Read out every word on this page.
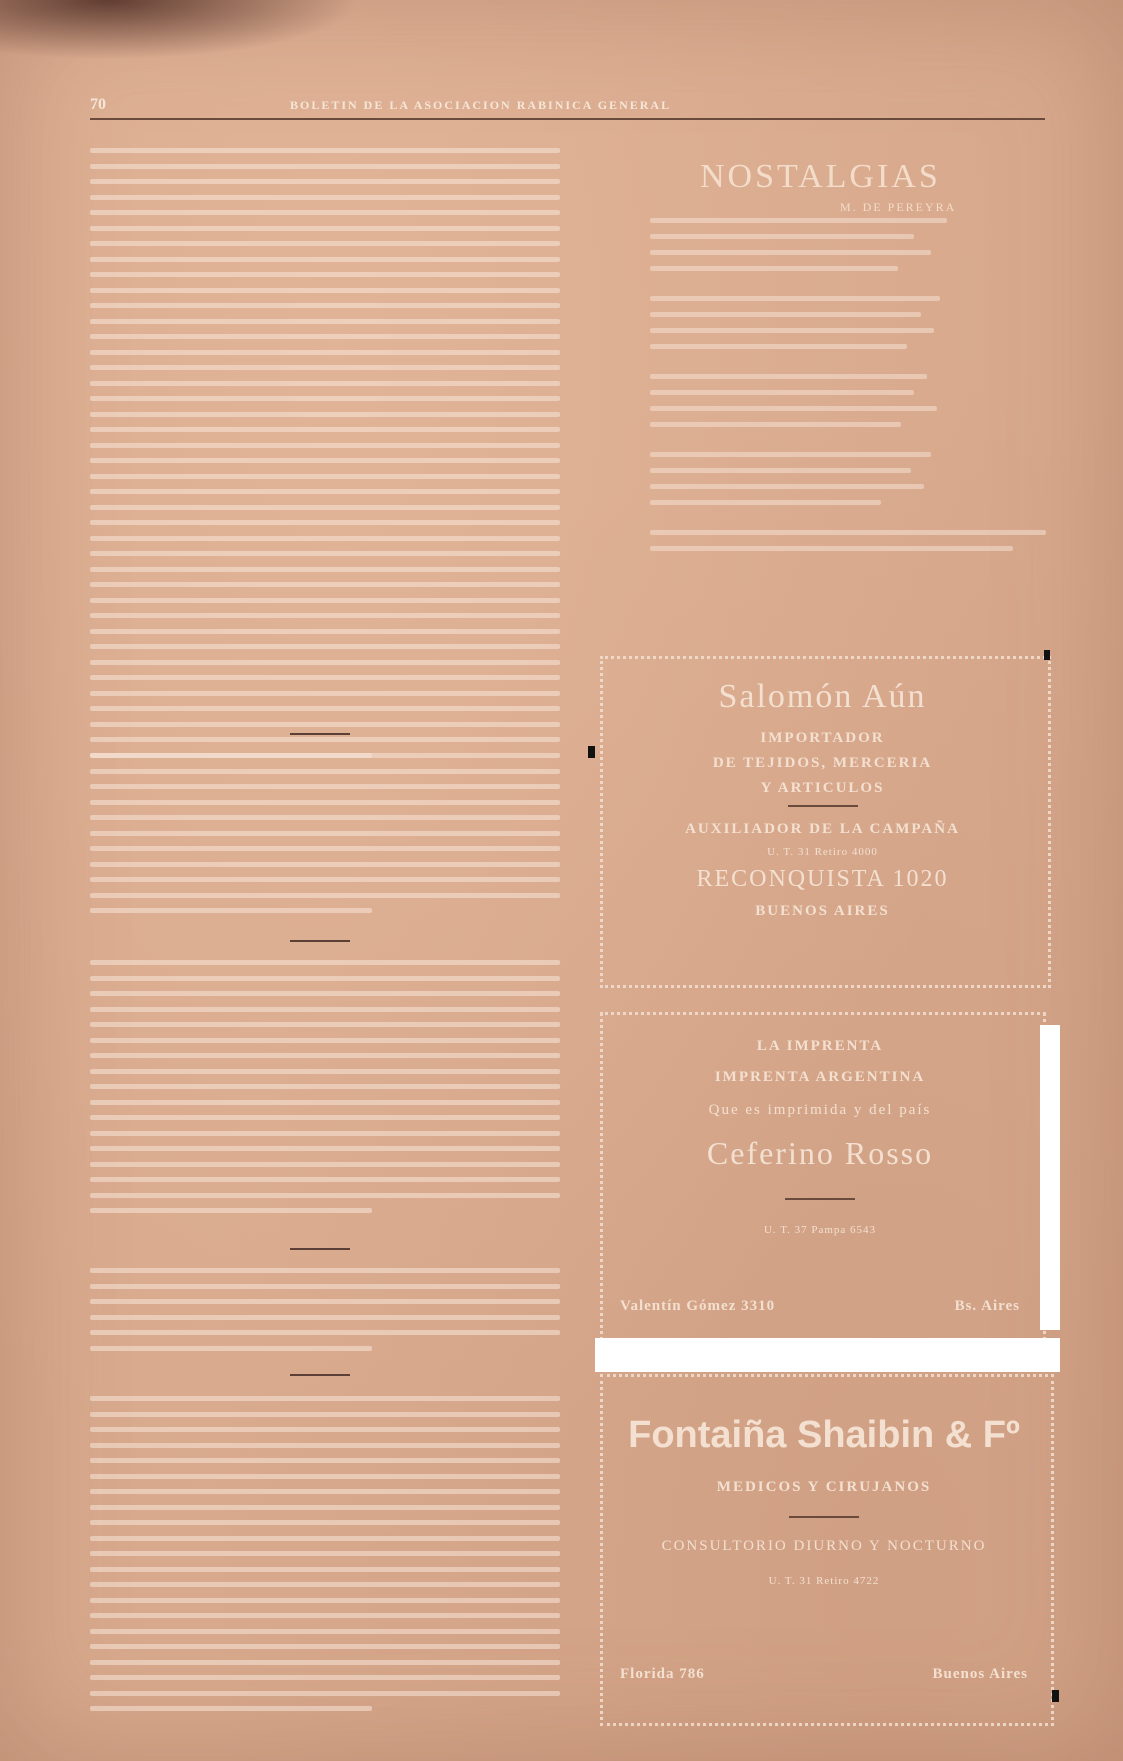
70	BOLETIN DE LA ASOCIACION RABINICA GENERAL
NOSTALGIAS
M. DE PEREYRA
Salomón Aún
IMPORTADOR
DE TEJIDOS, MERCERIA
Y ARTICULOS
AUXILIADOR DE LA CAMPAÑA
U. T. 31 Retiro 4000
RECONQUISTA 1020
BUENOS AIRES
LA IMPRENTA
IMPRENTA ARGENTINA
Que es imprimida y del país
Ceferino Rosso
U. T. 37 Pampa 6543
Valentín Gómez 3310	Bs. Aires
Fontaiña Shaibin & Fº
MEDICOS Y CIRUJANOS
CONSULTORIO DIURNO Y NOCTURNO
U. T. 31 Retiro 4722
Florida 786	Buenos Aires
